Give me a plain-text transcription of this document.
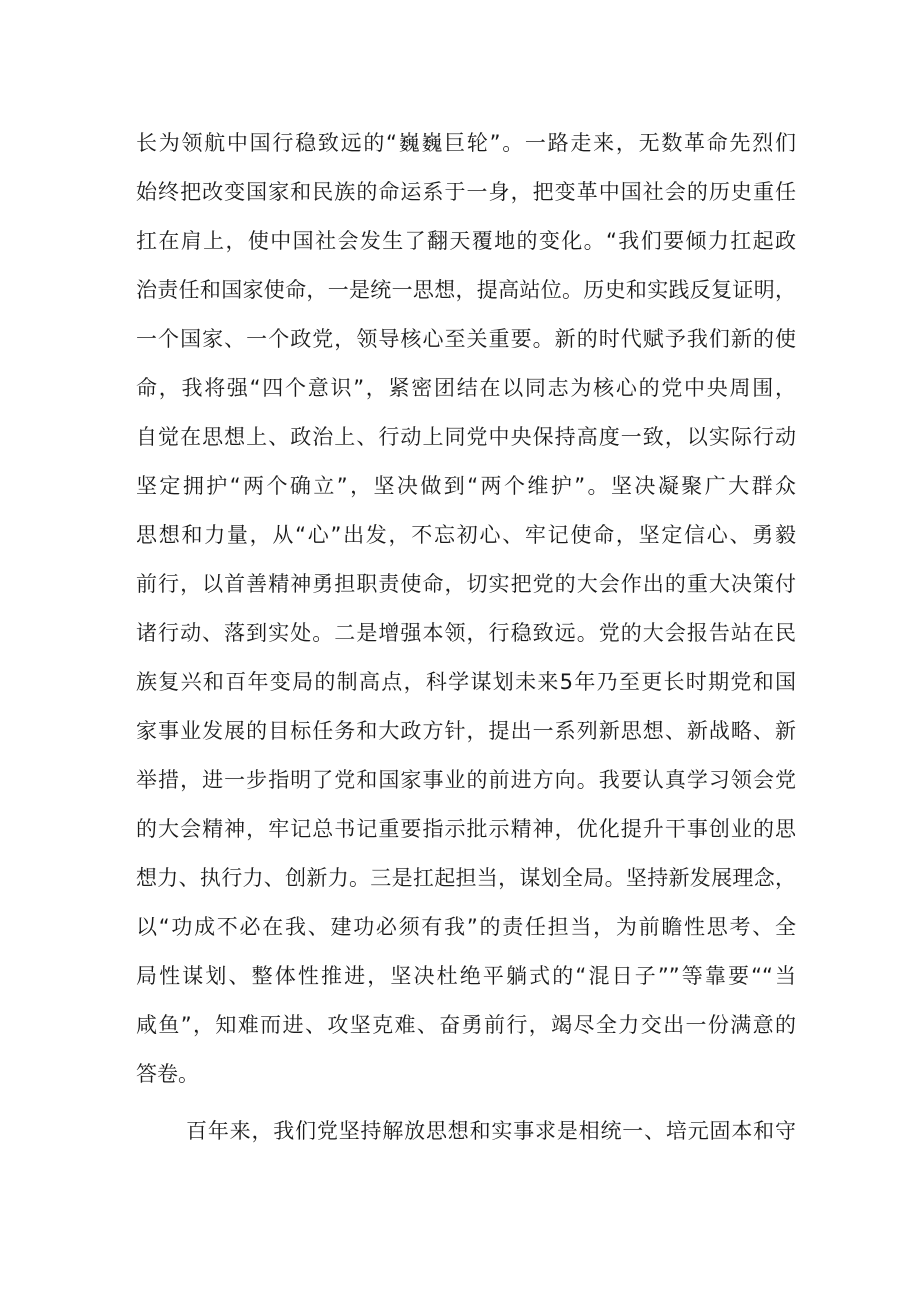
长为领航中国行稳致远的“巍巍巨轮”。一路走来，无数革命先烈们
始终把改变国家和民族的命运系于一身，把变革中国社会的历史重任
扛在肩上，使中国社会发生了翻天覆地的变化。“我们要倾力扛起政
治责任和国家使命，一是统一思想，提高站位。历史和实践反复证明，
一个国家、一个政党，领导核心至关重要。新的时代赋予我们新的使
命，我将强“四个意识”，紧密团结在以同志为核心的党中央周围，
自觉在思想上、政治上、行动上同党中央保持高度一致，以实际行动
坚定拥护“两个确立”，坚决做到“两个维护”。坚决凝聚广大群众
思想和力量，从“心”出发，不忘初心、牢记使命，坚定信心、勇毅
前行，以首善精神勇担职责使命，切实把党的大会作出的重大决策付
诸行动、落到实处。二是增强本领，行稳致远。党的大会报告站在民
族复兴和百年变局的制高点，科学谋划未来5年乃至更长时期党和国
家事业发展的目标任务和大政方针，提出一系列新思想、新战略、新
举措，进一步指明了党和国家事业的前进方向。我要认真学习领会党
的大会精神，牢记总书记重要指示批示精神，优化提升干事创业的思
想力、执行力、创新力。三是扛起担当，谋划全局。坚持新发展理念，
以“功成不必在我、建功必须有我”的责任担当，为前瞻性思考、全
局性谋划、整体性推进，坚决杜绝平躺式的“混日子””等靠要““当
咸鱼”，知难而进、攻坚克难、奋勇前行，竭尽全力交出一份满意的
答卷。
百年来，我们党坚持解放思想和实事求是相统一、培元固本和守
